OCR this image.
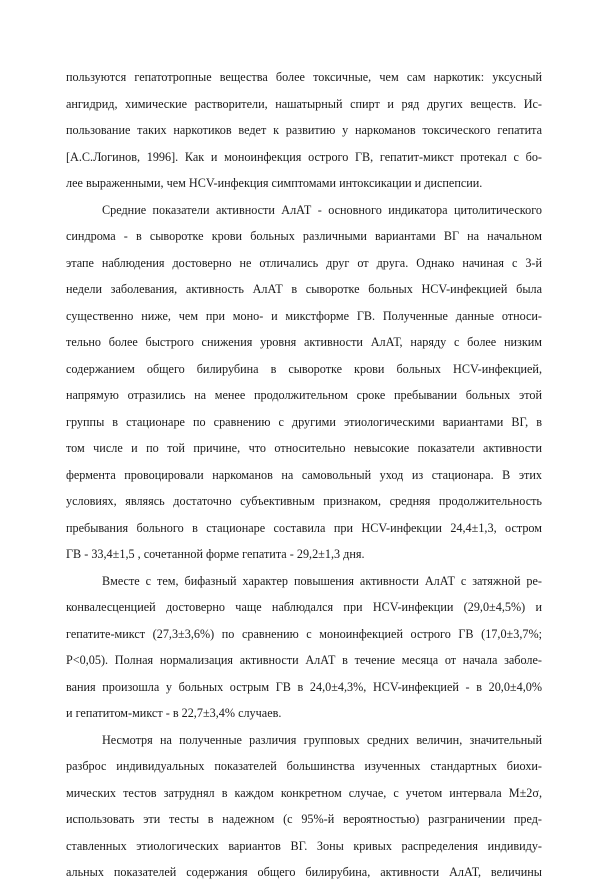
пользуются гепатотропные вещества более токсичные, чем сам наркотик: уксусный
ангидрид, химические растворители, нашатырный спирт и ряд других веществ. Ис-
пользование таких наркотиков ведет к развитию у наркоманов токсического гепатита
[А.С.Логинов, 1996]. Как и моноинфекция острого ГВ, гепатит-микст протекал с бо-
лее выраженными, чем HCV-инфекция симптомами интоксикации и диспепсии.
Средние показатели активности АлАТ - основного индикатора цитолитического
синдрома - в сыворотке крови больных различными вариантами ВГ на начальном
этапе наблюдения достоверно не отличались друг от друга. Однако начиная с 3-й
недели заболевания, активность АлАТ в сыворотке больных HCV-инфекцией была
существенно ниже, чем при моно- и микстформе ГВ. Полученные данные относи-
тельно более быстрого снижения уровня активности АлАТ, наряду с более низким
содержанием общего билирубина в сыворотке крови больных HCV-инфекцией,
напрямую отразились на менее продолжительном сроке пребывании больных этой
группы в стационаре по сравнению с другими этиологическими вариантами ВГ, в
том числе и по той причине, что относительно невысокие показатели активности
фермента провоцировали наркоманов на самовольный уход из стационара. В этих
условиях, являясь достаточно субъективным признаком, средняя продолжительность
пребывания больного в стационаре составила при HCV-инфекции 24,4±1,3, остром
ГВ - 33,4±1,5 , сочетанной форме гепатита - 29,2±1,3 дня.
Вместе с тем, бифазный характер повышения активности АлАТ с затяжной ре-
конвалесценцией достоверно чаще наблюдался при HCV-инфекции (29,0±4,5%) и
гепатите-микст (27,3±3,6%) по сравнению с моноинфекцией острого ГВ (17,0±3,7%;
P<0,05). Полная нормализация активности АлАТ в течение месяца от начала заболе-
вания произошла у больных острым ГВ в 24,0±4,3%, HCV-инфекцией - в 20,0±4,0%
и гепатитом-микст - в 22,7±3,4% случаев.
Несмотря на полученные различия групповых средних величин, значительный
разброс индивидуальных показателей большинства изученных стандартных биохи-
мических тестов затруднял в каждом конкретном случае, с учетом интервала M±2σ,
использовать эти тесты в надежном (с 95%-й вероятностью) разграничении пред-
ставленных этиологических вариантов ВГ. Зоны кривых распределения индивиду-
альных показателей содержания общего билирубина, активности АлАТ, величины
